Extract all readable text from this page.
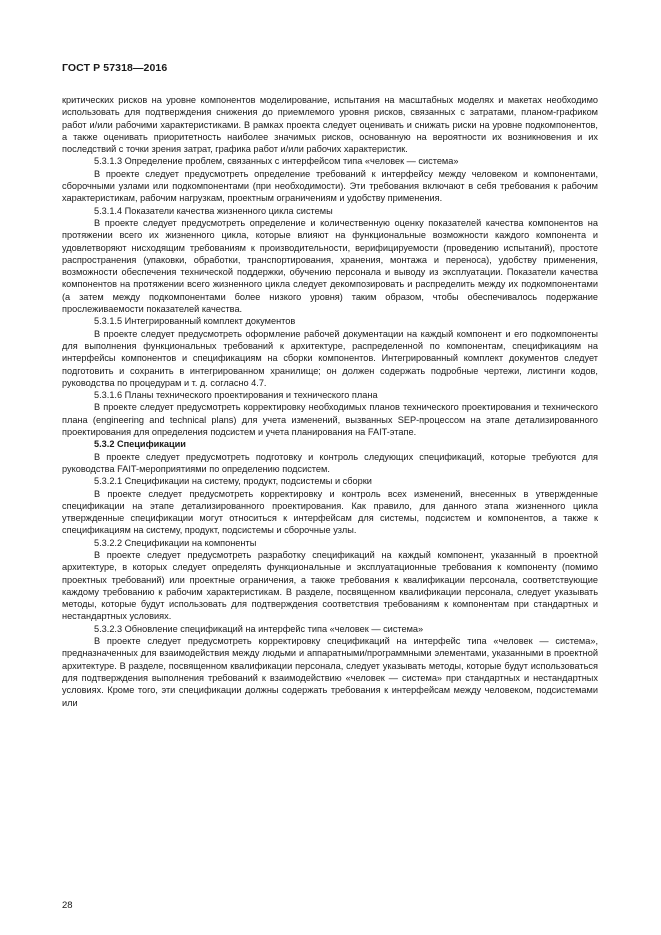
ГОСТ Р 57318—2016

критических рисков на уровне компонентов моделирование, испытания на масштабных моделях и макетах необходимо использовать для подтверждения снижения до приемлемого уровня рисков, связанных с затратами, планом-графиком работ и/или рабочими характеристиками. В рамках проекта следует оценивать и снижать риски на уровне подкомпонентов, а также оценивать приоритетность наиболее значимых рисков, основанную на вероятности их возникновения и их последствий с точки зрения затрат, графика работ и/или рабочих характеристик.

5.3.1.3 Определение проблем, связанных с интерфейсом типа «человек — система»

В проекте следует предусмотреть определение требований к интерфейсу между человеком и компонентами, сборочными узлами или подкомпонентами (при необходимости). Эти требования включают в себя требования к рабочим характеристикам, рабочим нагрузкам, проектным ограничениям и удобству применения.

5.3.1.4 Показатели качества жизненного цикла системы

В проекте следует предусмотреть определение и количественную оценку показателей качества компонентов на протяжении всего их жизненного цикла, которые влияют на функциональные возможности каждого компонента и удовлетворяют нисходящим требованиям к производительности, верифицируемости (проведению испытаний), простоте распространения (упаковки, обработки, транспортирования, хранения, монтажа и переноса), удобству применения, возможности обеспечения технической поддержки, обучению персонала и выводу из эксплуатации. Показатели качества компонентов на протяжении всего жизненного цикла следует декомпозировать и распределить между их подкомпонентами (а затем между подкомпонентами более низкого уровня) таким образом, чтобы обеспечивалось подержание прослеживаемости показателей качества.

5.3.1.5 Интегрированный комплект документов

В проекте следует предусмотреть оформление рабочей документации на каждый компонент и его подкомпоненты для выполнения функциональных требований к архитектуре, распределенной по компонентам, спецификациям на интерфейсы компонентов и спецификациям на сборки компонентов. Интегрированный комплект документов следует подготовить и сохранить в интегрированном хранилище; он должен содержать подробные чертежи, листинги кодов, руководства по процедурам и т. д. согласно 4.7.

5.3.1.6 Планы технического проектирования и технического плана

В проекте следует предусмотреть корректировку необходимых планов технического проектирования и технического плана (engineering and technical plans) для учета изменений, вызванных SEP-процессом на этапе детализированного проектирования для определения подсистем и учета планирования на FAIT-этапе.

5.3.2 Спецификации

В проекте следует предусмотреть подготовку и контроль следующих спецификаций, которые требуются для руководства FAIT-мероприятиями по определению подсистем.

5.3.2.1 Спецификации на систему, продукт, подсистемы и сборки

В проекте следует предусмотреть корректировку и контроль всех изменений, внесенных в утвержденные спецификации на этапе детализированного проектирования. Как правило, для данного этапа жизненного цикла утвержденные спецификации могут относиться к интерфейсам для системы, подсистем и компонентов, а также к спецификациям на систему, продукт, подсистемы и сборочные узлы.

5.3.2.2 Спецификации на компоненты

В проекте следует предусмотреть разработку спецификаций на каждый компонент, указанный в проектной архитектуре, в которых следует определять функциональные и эксплуатационные требования к компоненту (помимо проектных требований) или проектные ограничения, а также требования к квалификации персонала, соответствующие каждому требованию к рабочим характеристикам. В разделе, посвященном квалификации персонала, следует указывать методы, которые будут использовать для подтверждения соответствия требованиям к компонентам при стандартных и нестандартных условиях.

5.3.2.3 Обновление спецификаций на интерфейс типа «человек — система»

В проекте следует предусмотреть корректировку спецификаций на интерфейс типа «человек — система», предназначенных для взаимодействия между людьми и аппаратными/программными элементами, указанными в проектной архитектуре. В разделе, посвященном квалификации персонала, следует указывать методы, которые будут использоваться для подтверждения выполнения требований к взаимодействию «человек — система» при стандартных и нестандартных условиях. Кроме того, эти спецификации должны содержать требования к интерфейсам между человеком, подсистемами или

28
